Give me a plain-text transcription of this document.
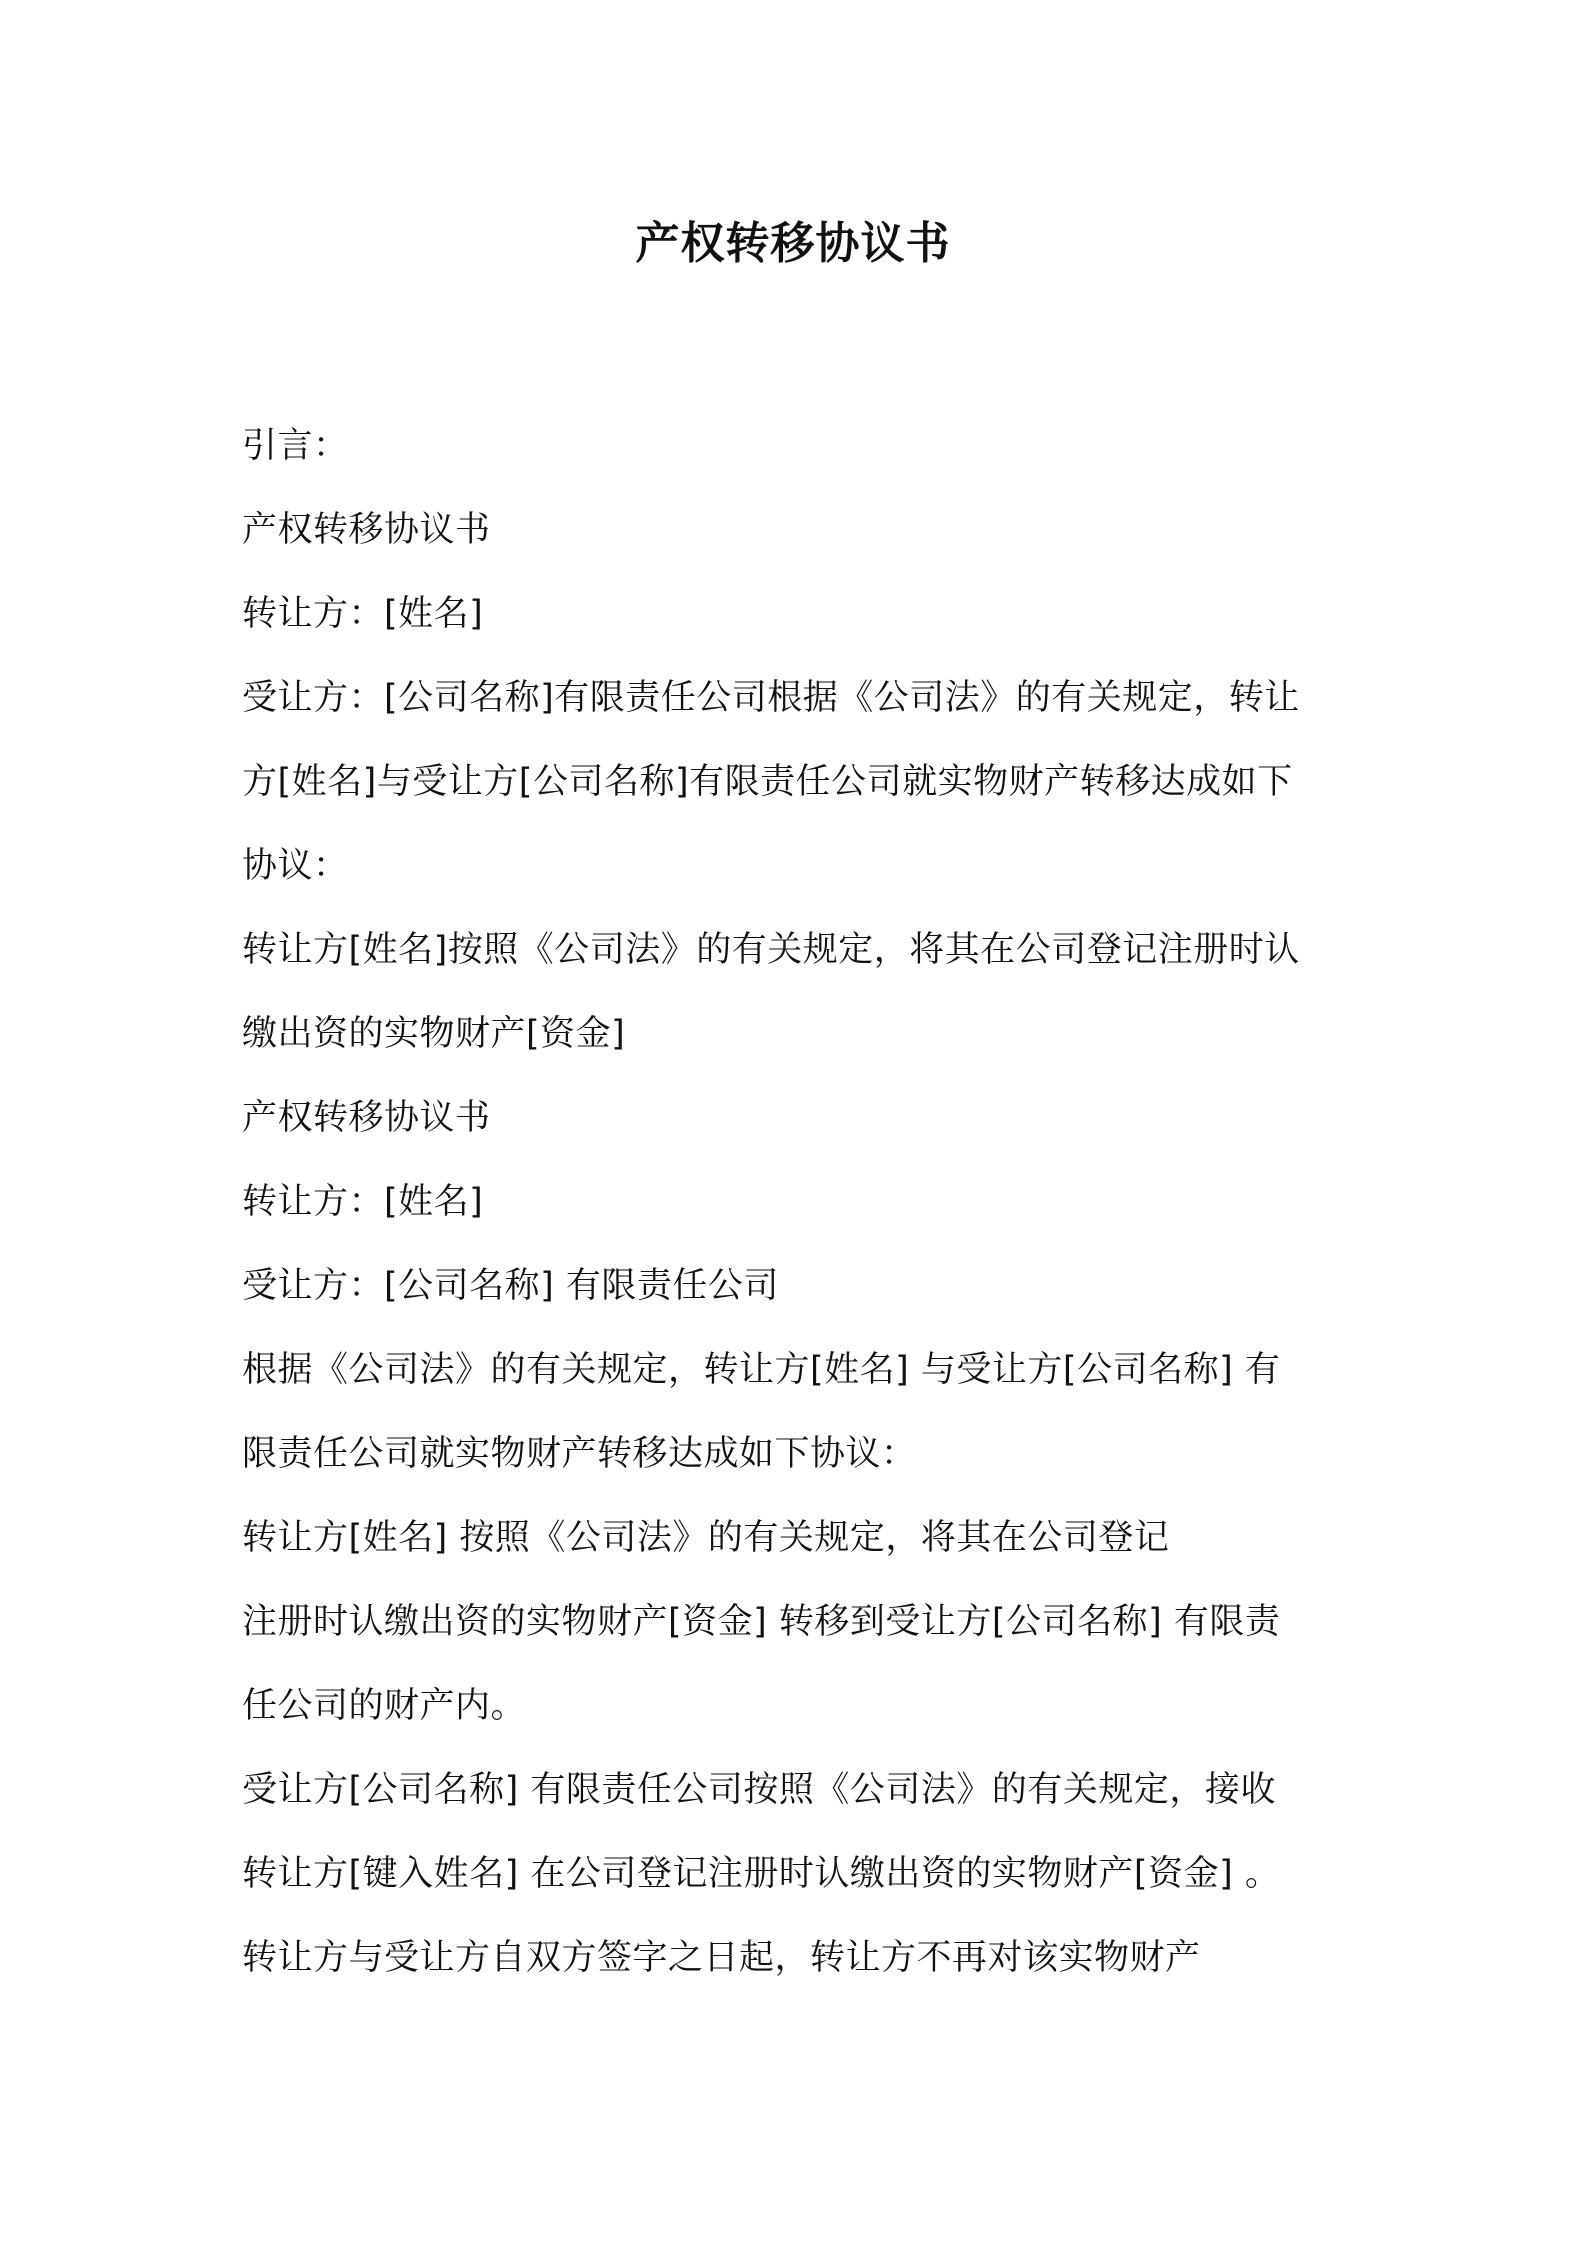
产权转移协议书
引言：
产权转移协议书
转让方：[姓名]
受让方：[公司名称]有限责任公司根据《公司法》的有关规定，转让
方[姓名]与受让方[公司名称]有限责任公司就实物财产转移达成如下
协议：
转让方[姓名]按照《公司法》的有关规定，将其在公司登记注册时认
缴出资的实物财产[资金]
产权转移协议书
转让方：[姓名]
受让方：[公司名称] 有限责任公司
根据《公司法》的有关规定，转让方[姓名] 与受让方[公司名称] 有
限责任公司就实物财产转移达成如下协议：
转让方[姓名] 按照《公司法》的有关规定，将其在公司登记
注册时认缴出资的实物财产[资金] 转移到受让方[公司名称] 有限责
任公司的财产内。
受让方[公司名称] 有限责任公司按照《公司法》的有关规定，接收
转让方[键入姓名] 在公司登记注册时认缴出资的实物财产[资金] 。
转让方与受让方自双方签字之日起，转让方不再对该实物财产
